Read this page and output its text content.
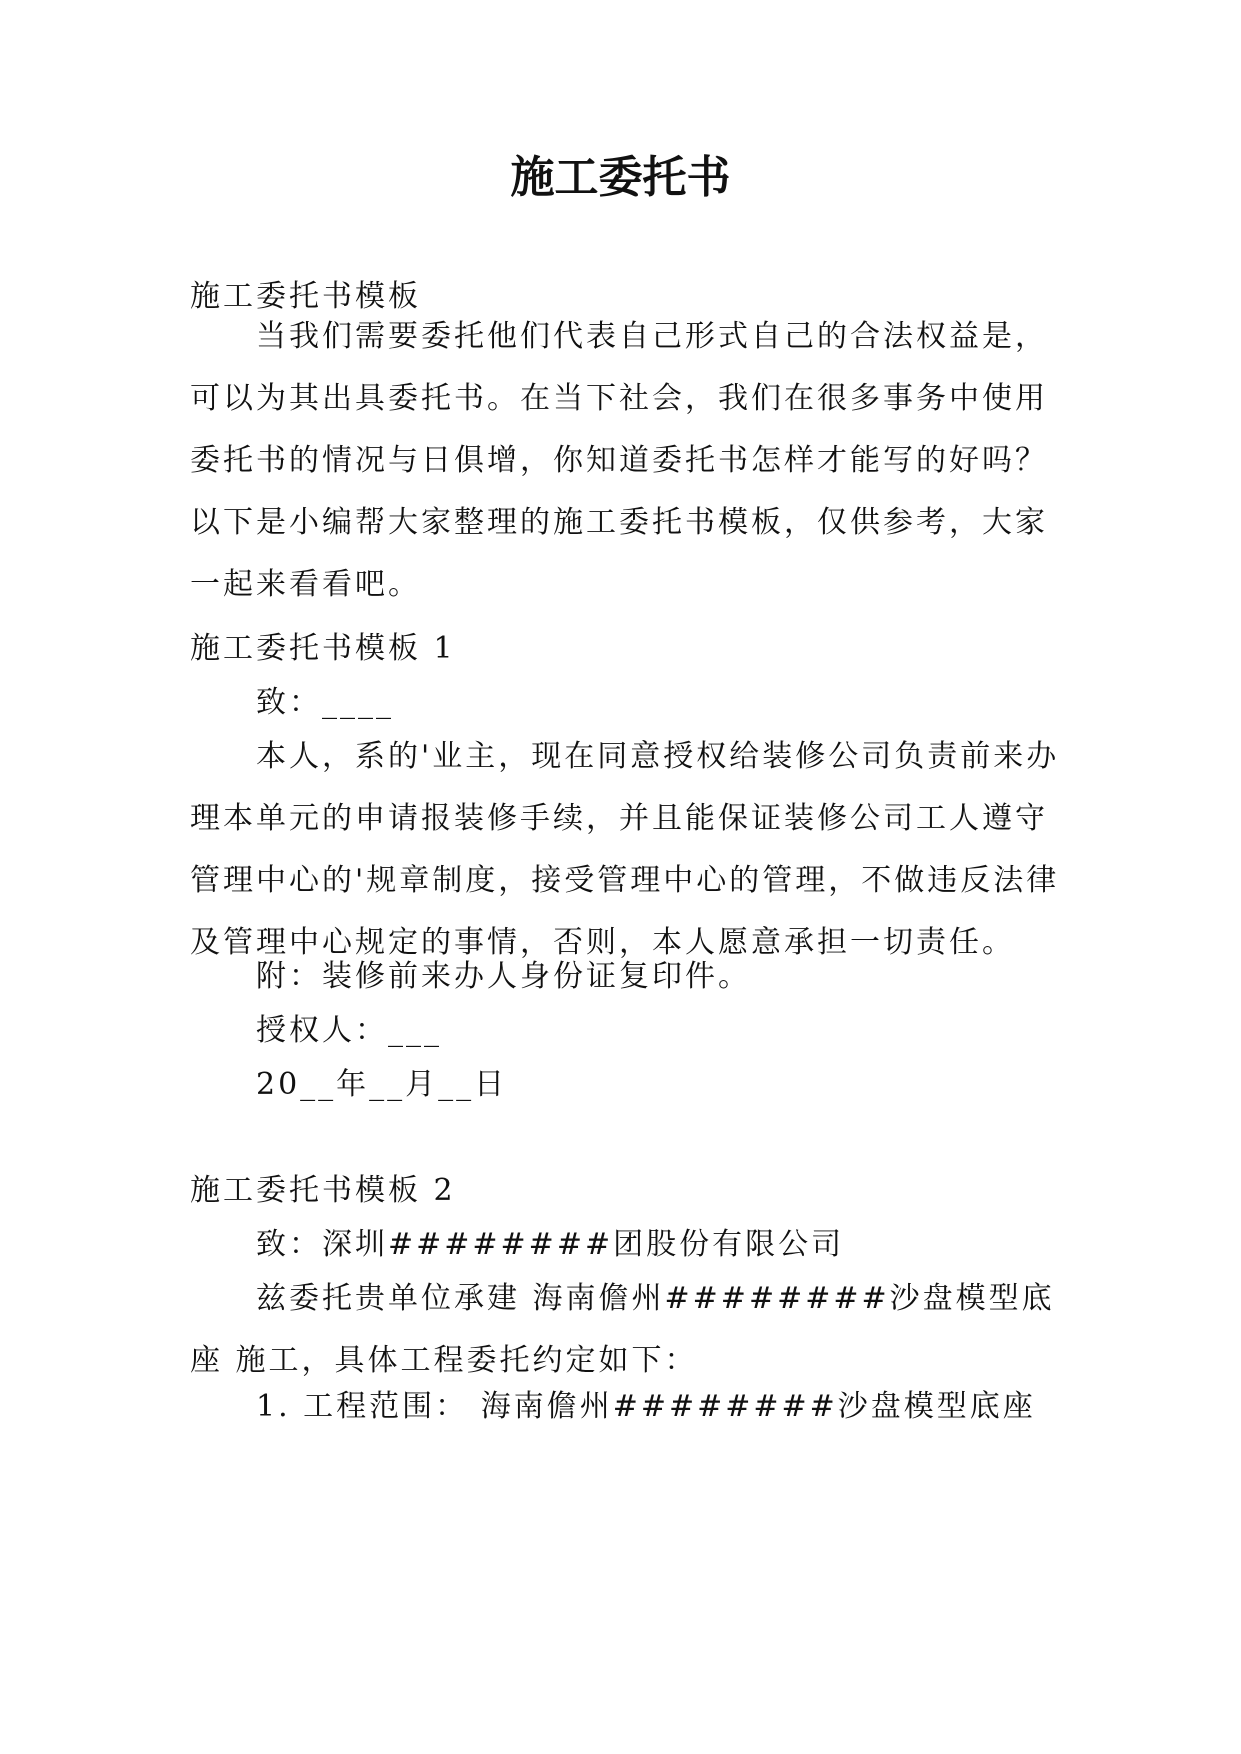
施工委托书

施工委托书模板

当我们需要委托他们代表自己形式自己的合法权益是，可以为其出具委托书。在当下社会，我们在很多事务中使用委托书的情况与日俱增，你知道委托书怎样才能写的好吗？以下是小编帮大家整理的施工委托书模板，仅供参考，大家一起来看看吧。

施工委托书模板 1

致：____

本人，系的'业主，现在同意授权给装修公司负责前来办理本单元的申请报装修手续，并且能保证装修公司工人遵守管理中心的'规章制度，接受管理中心的管理，不做违反法律及管理中心规定的事情，否则，本人愿意承担一切责任。

附：装修前来办人身份证复印件。

授权人：___

20__年__月__日

施工委托书模板 2

致：深圳########团股份有限公司

兹委托贵单位承建 海南儋州########沙盘模型底座 施工，具体工程委托约定如下：

1. 工程范围： 海南儋州########沙盘模型底座
